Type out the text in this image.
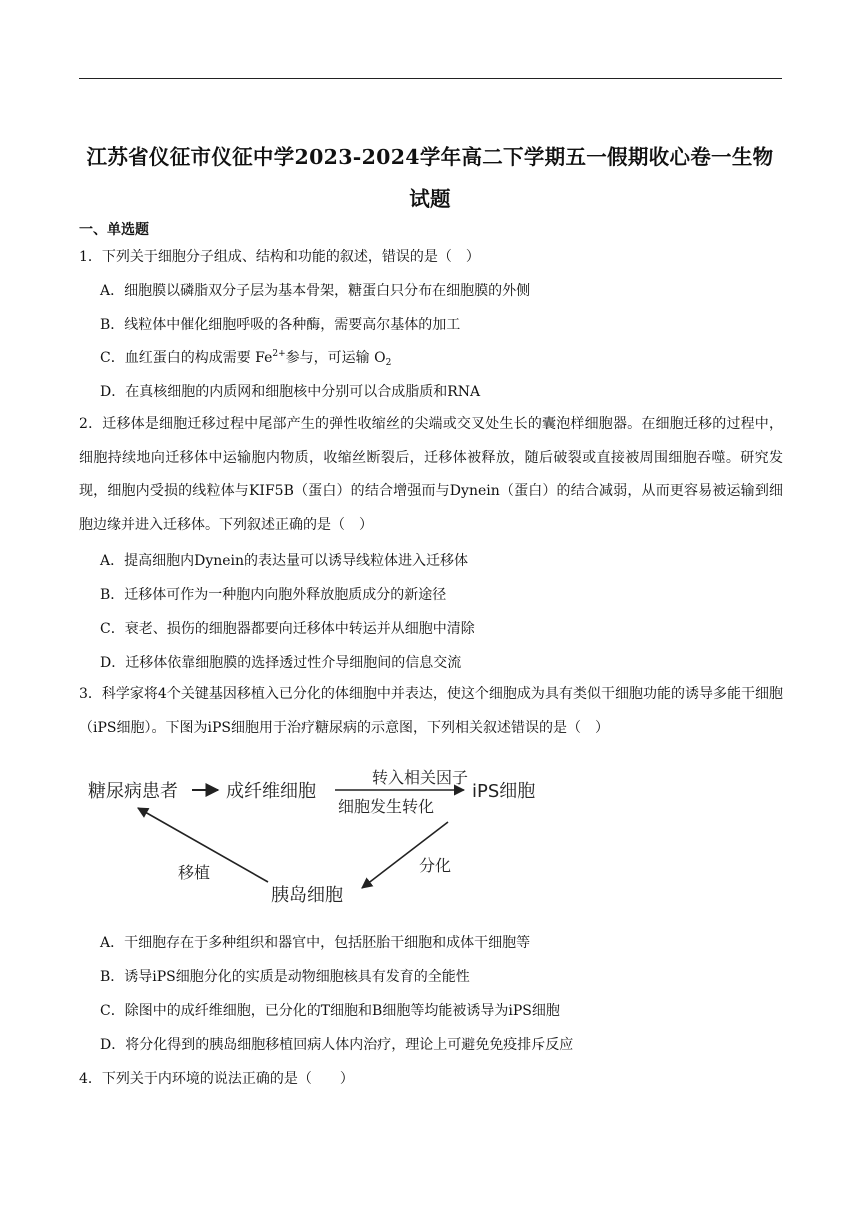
江苏省仪征市仪征中学2023-2024学年高二下学期五一假期收心卷一生物
试题
一、单选题
1．下列关于细胞分子组成、结构和功能的叙述，错误的是（　）
A．细胞膜以磷脂双分子层为基本骨架，糖蛋白只分布在细胞膜的外侧
B．线粒体中催化细胞呼吸的各种酶，需要高尔基体的加工
C．血红蛋白的构成需要 $Fe^{2+}$参与，可运输 $O_2$
D．在真核细胞的内质网和细胞核中分别可以合成脂质和RNA
2．迁移体是细胞迁移过程中尾部产生的弹性收缩丝的尖端或交叉处生长的囊泡样细胞器。在细胞迁移的过程中，细胞持续地向迁移体中运输胞内物质，收缩丝断裂后，迁移体被释放，随后破裂或直接被周围细胞吞噬。研究发现，细胞内受损的线粒体与KIF5B（蛋白）的结合增强而与Dynein（蛋白）的结合减弱，从而更容易被运输到细胞边缘并进入迁移体。下列叙述正确的是（　）
A．提高细胞内Dynein的表达量可以诱导线粒体进入迁移体
B．迁移体可作为一种胞内向胞外释放胞质成分的新途径
C．衰老、损伤的细胞器都要向迁移体中转运并从细胞中清除
D．迁移体依靠细胞膜的选择透过性介导细胞间的信息交流
3．科学家将4个关键基因移植入已分化的体细胞中并表达，使这个细胞成为具有类似干细胞功能的诱导多能干细胞（iPS细胞）。下图为iPS细胞用于治疗糖尿病的示意图，下列相关叙述错误的是（　）
糖尿病患者	成纤维细胞
转入相关因子
细胞发生转化
iPS细胞
分化
胰岛细胞
移植
A．干细胞存在于多种组织和器官中，包括胚胎干细胞和成体干细胞等
B．诱导iPS细胞分化的实质是动物细胞核具有发育的全能性
C．除图中的成纤维细胞，已分化的T细胞和B细胞等均能被诱导为iPS细胞
D．将分化得到的胰岛细胞移植回病人体内治疗，理论上可避免免疫排斥反应
4．下列关于内环境的说法正确的是（　　）
